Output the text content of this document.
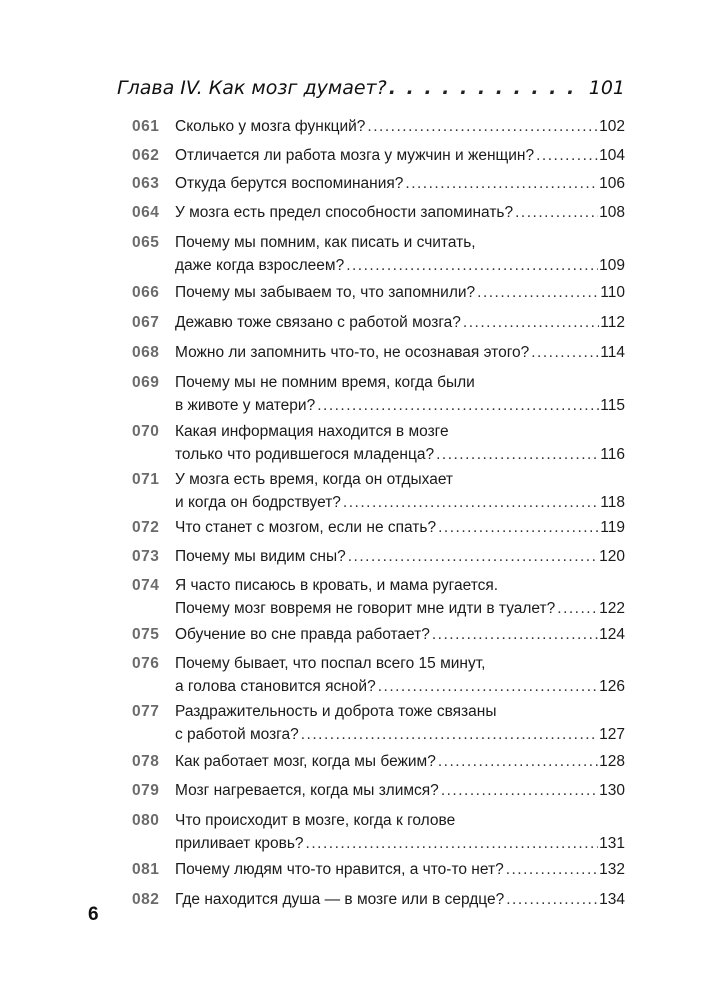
Глава IV. Как мозг думает? . . .	101
061	Сколько у мозга функций? .....	102
062	Отличается ли работа мозга у мужчин и женщин? .....	104
063	Откуда берутся воспоминания? .....	106
064	У мозга есть предел способности запоминать? .....	108
065	Почему мы помним, как писать и считать,
даже когда взрослеем? .....	109
066	Почему мы забываем то, что запомнили? .....	110
067	Дежавю тоже связано с работой мозга? .....	112
068	Можно ли запомнить что-то, не осознавая этого? .....	114
069	Почему мы не помним время, когда были
в животе у матери? .....	115
070	Какая информация находится в мозге
только что родившегося младенца? .....	116
071	У мозга есть время, когда он отдыхает
и когда он бодрствует? .....	118
072	Что станет с мозгом, если не спать? .....	119
073	Почему мы видим сны? .....	120
074	Я часто писаюсь в кровать, и мама ругается.
Почему мозг вовремя не говорит мне идти в туалет? .....	122
075	Обучение во сне правда работает? .....	124
076	Почему бывает, что поспал всего 15 минут,
а голова становится ясной? .....	126
077	Раздражительность и доброта тоже связаны
с работой мозга? .....	127
078	Как работает мозг, когда мы бежим? .....	128
079	Мозг нагревается, когда мы злимся? .....	130
080	Что происходит в мозге, когда к голове
приливает кровь? .....	131
081	Почему людям что-то нравится, а что-то нет? .....	132
082	Где находится душа — в мозге или в сердце? .....	134
6
